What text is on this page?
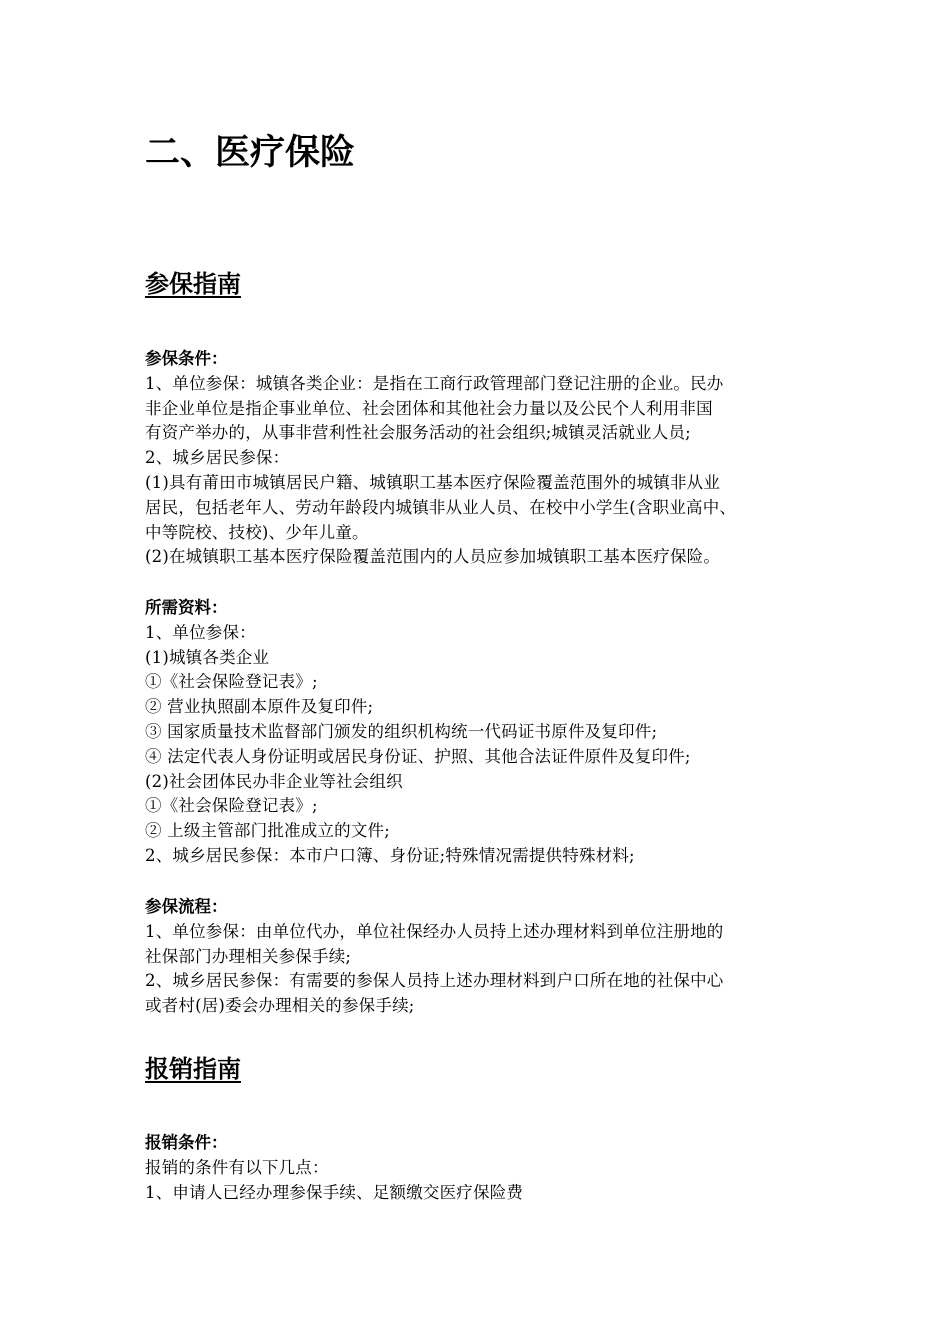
二、医疗保险
参保指南
参保条件：
1、单位参保：城镇各类企业：是指在工商行政管理部门登记注册的企业。民办
非企业单位是指企事业单位、社会团体和其他社会力量以及公民个人利用非国
有资产举办的，从事非营利性社会服务活动的社会组织;城镇灵活就业人员;
2、城乡居民参保：
(1)具有莆田市城镇居民户籍、城镇职工基本医疗保险覆盖范围外的城镇非从业
居民，包括老年人、劳动年龄段内城镇非从业人员、在校中小学生(含职业高中、
中等院校、技校)、少年儿童。
(2)在城镇职工基本医疗保险覆盖范围内的人员应参加城镇职工基本医疗保险。
所需资料：
1、单位参保：
(1)城镇各类企业
①《社会保险登记表》;
② 营业执照副本原件及复印件;
③ 国家质量技术监督部门颁发的组织机构统一代码证书原件及复印件;
④ 法定代表人身份证明或居民身份证、护照、其他合法证件原件及复印件;
(2)社会团体民办非企业等社会组织
①《社会保险登记表》;
② 上级主管部门批准成立的文件;
2、城乡居民参保：本市户口簿、身份证;特殊情况需提供特殊材料;
参保流程：
1、单位参保：由单位代办，单位社保经办人员持上述办理材料到单位注册地的
社保部门办理相关参保手续;
2、城乡居民参保：有需要的参保人员持上述办理材料到户口所在地的社保中心
或者村(居)委会办理相关的参保手续;
报销指南
报销条件：
报销的条件有以下几点：
1、申请人已经办理参保手续、足额缴交医疗保险费
